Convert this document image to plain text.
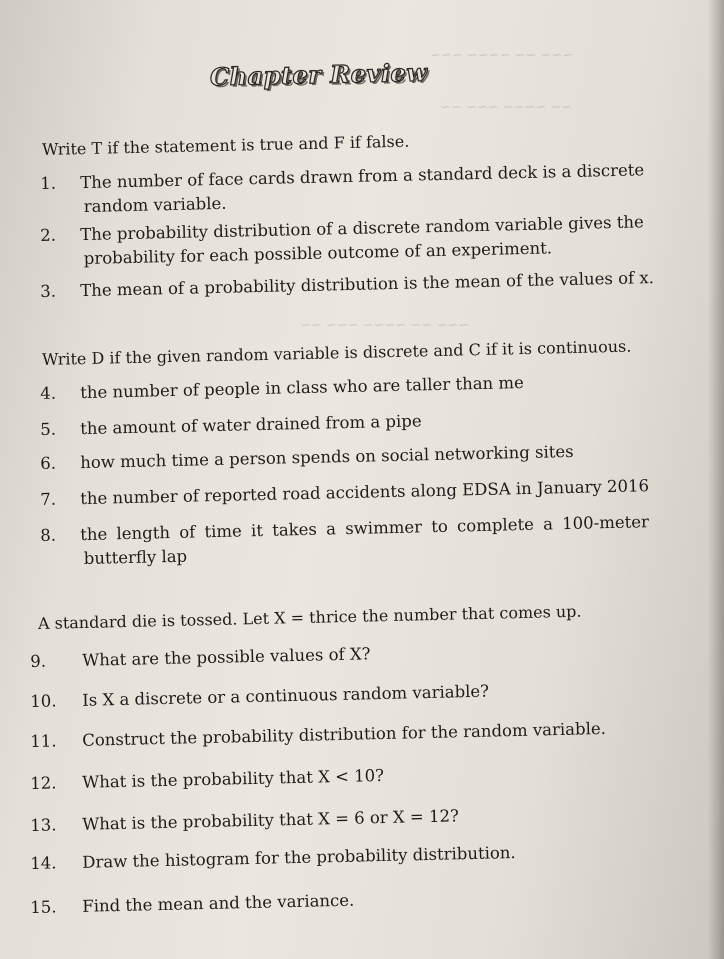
~~~ ~~ ~~~~ ~~~
~~ ~~~~ ~~~ ~~
~~~ ~~ ~~~~ ~~~ ~~
Chapter Review
Write T if the statement is true and F if false.
1. The number of face cards drawn from a standard deck is a discrete
random variable.
2. The probability distribution of a discrete random variable gives the
probability for each possible outcome of an experiment.
3. The mean of a probability distribution is the mean of the values of x.
Write D if the given random variable is discrete and C if it is continuous.
4. the number of people in class who are taller than me
5. the amount of water drained from a pipe
6. how much time a person spends on social networking sites
7. the number of reported road accidents along EDSA in January 2016
8. the length of time it takes a swimmer to complete a 100-meter
butterfly lap
A standard die is tossed. Let X = thrice the number that comes up.
9. What are the possible values of X?
10. Is X a discrete or a continuous random variable?
11. Construct the probability distribution for the random variable.
12. What is the probability that X < 10?
13. What is the probability that X = 6 or X = 12?
14. Draw the histogram for the probability distribution.
15. Find the mean and the variance.
